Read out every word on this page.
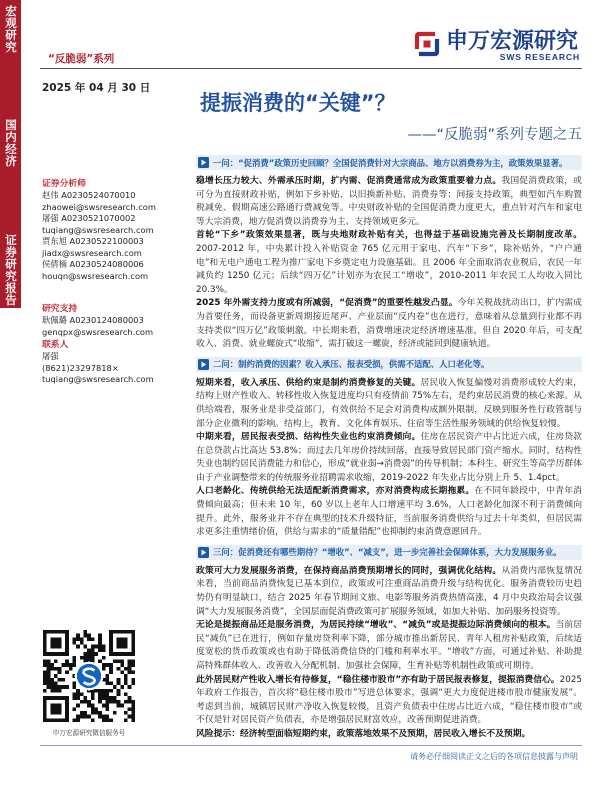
宏观研究
国内经济
证券研究报告
“反脆弱”系列
2025 年 04 月 30 日
申万宏源研究
SWS RESEARCH
提振消费的“关键”？
——“反脆弱”系列专题之五
证券分析师
赵伟 A0230524070010
zhaowei@swsresearch.com
屠强 A0230521070002
tuqiang@swsresearch.com
贾东旭 A0230522100003
jiadx@swsresearch.com
侯倩楠 A0230524080006
houqn@swsresearch.com
研究支持
耿佩璐 A0230124080003
genqpx@swsresearch.com
联系人
屠强
(8621)23297818×
tuqiang@swsresearch.com
申万宏源研究微信服务号
一问：“促消费”政策历史回顾？全国促消费针对大宗商品、地方以消费券为主，政策效果显著。

稳增长压力较大、外需承压时期，扩内需、促消费通常成为政策重要着力点。我国促消费政策，或可分为直接财政补贴，例如下乡补贴、以旧换新补贴、消费券等；间接支持政策，典型如汽车购置税减免、假期高速公路通行费减免等。中央财政补贴的全国促消费力度更大，重点针对汽车和家电等大宗消费，地方促消费以消费券为主、支持领域更多元。

首轮“下乡”政策效果显著，既与央地财政补贴有关，也得益于基础设施完善及长期制度改革。2007-2012 年，中央累计投入补贴资金 765 亿元用于家电、汽车“下乡”，除补贴外，“户户通电”和无电户通电工程为推广家电下乡奠定电力设施基础。且 2006 年全面取消农业税后，农民一年减负约 1250 亿元；后续“四万亿”计划亦为农民工“增收”，2010-2011 年农民工人均收入同比 20.3%。

2025 年外需支持力度或有所减弱，“促消费”的重要性越发凸显。今年关税战扰动出口，扩内需成为首要任务，而设备更新周期接近尾声、产业层面“反内卷”也在进行，意味着从总量到行业都不再支持类似“四万亿”政策刺激。中长期来看，消费增速决定经济增速基准，但自 2020 年后，可支配收入、消费、就业螺旋式“收缩”，需打破这一螺旋，经济或能回到健康轨道。

二问：制约消费的因素？收入承压、报表受损，供需不适配、人口老化等。

短期来看，收入承压、供给约束是制约消费修复的关键。居民收入恢复偏慢对消费形成较大约束，结构上财产性收入、转移性收入恢复进度均只有疫情前 75%左右，是约束居民消费的核心来源。从供给端看，服务业是非受益部门，有效供给不足会对消费构成额外限制，反映到服务性行政管制与部分企业微利的影响。结构上，教育、文化体育娱乐、住宿等生活性服务领域的供给恢复较慢。

中期来看，居民报表受损、结构性失业也约束消费倾向。住房在居民资产中占比近六成，住房贷款在总贷款占比高达 53.8%；而过去几年房价持续回落，直接导致居民部门资产缩水。同时，结构性失业也制约居民消费能力和信心，形成“就业弱→消费弱”的传导机制；本科生、研究生等高学历群体由于产业调整带来的传统服务业招聘需求收缩，2019-2022 年失业占比分别上升 5、1.4pct。

人口老龄化、传统供给无法适配新消费需求，亦对消费构成长期拖累。在不同年龄段中，中青年消费倾向最高；但未来 10 年，60 岁以上老年人口增速平均 3.6%，人口老龄化加深不利于消费倾向提升。此外，服务业并不存在典型的技术升级特征，当前服务消费供给与过去十年类似，但居民需求更多注重情绪价值，供给与需求的“质量错配”也抑制约束消费意愿回升。

三问：促消费还有哪些期待？“增收”、“减支”，进一步完善社会保障体系，大力发展服务业。

政策可大力发展服务消费，在保持商品消费预期增长的同时，强调优化结构。从消费内部恢复情况来看，当前商品消费恢复已基本到位，政策或可注重商品消费升级与结构优化。服务消费较历史趋势仍有明显缺口，结合 2025 年春节期间文旅、电影等服务消费热情高涨，4 月中央政治局会议强调“大力发展服务消费”，全国层面促消费政策可扩展服务领域，如加大补贴、加码服务投资等。

无论是提振商品还是服务消费，为居民持续“增收”、“减负”或是提振边际消费倾向的根本。当前居民“减负”已在进行，例如存量房贷利率下降，部分城市推出新居民、青年人租房补贴政策，后续适度宽松的货币政策或也有助于降低消费信贷的门槛和利率水平。“增收”方面，可通过补贴、补助提高特殊群体收入、改善收入分配机制、加强社会保障，生育补贴等机制性政策或可期待。

此外居民财产性收入增长有待修复，“稳住楼市股市”亦有助于居民报表修复，提振消费信心。2025 年政府工作报告，首次将“稳住楼市股市”写进总体要求，强调“更大力度促进楼市股市健康发展”。考虑到当前，城镇居民财产净收入恢复较慢，且资产负债表中住房占比近六成，“稳住楼市股市”或不仅是针对居民资产负债表，亦是增强居民财富效应，改善预期促进消费。

风险提示：经济转型面临短期约束，政策落地效果不及预期，居民收入增长不及预期。

请务必仔细阅读正文之后的各项信息披露与声明
